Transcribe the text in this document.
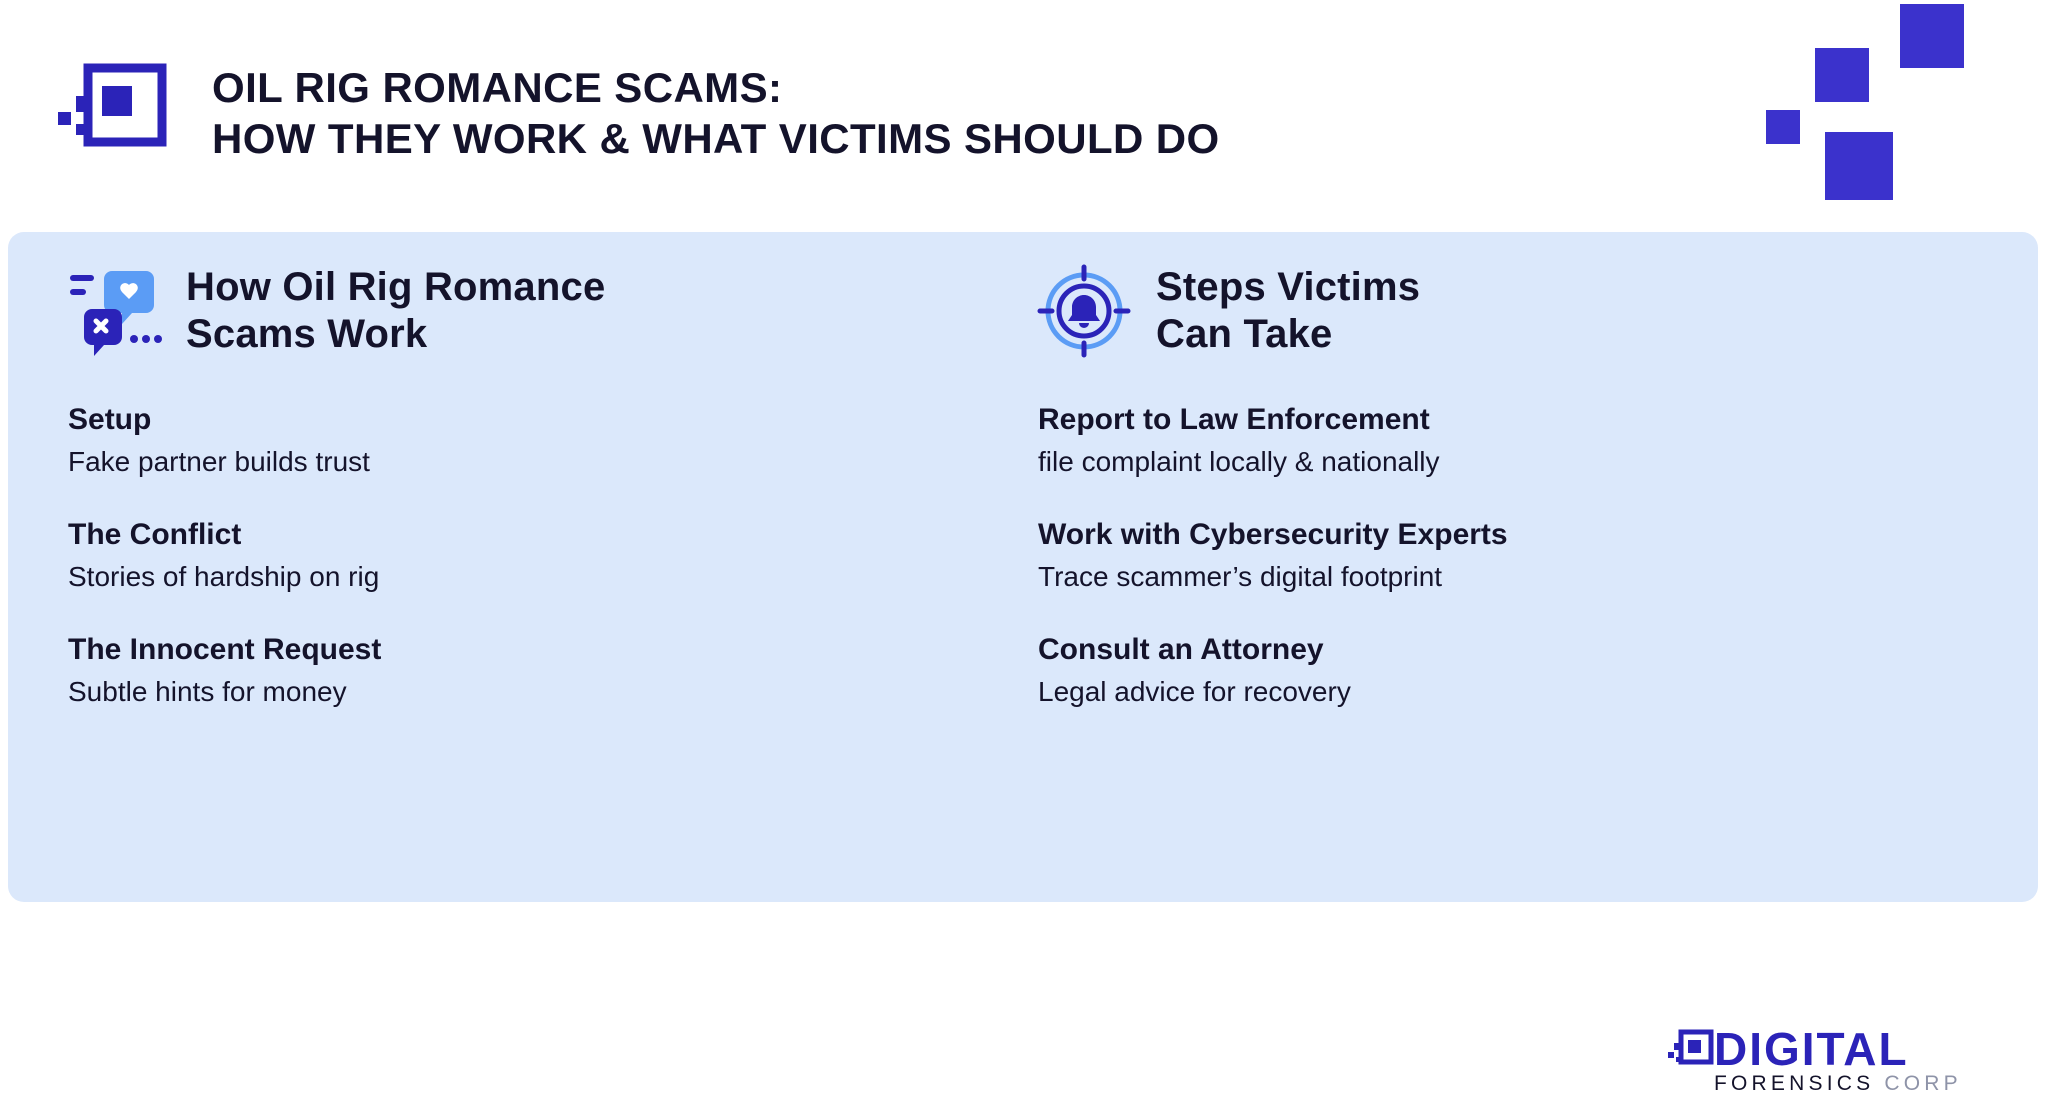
OIL RIG ROMANCE SCAMS:
HOW THEY WORK & WHAT VICTIMS SHOULD DO
How Oil Rig Romance
Scams Work
Setup
Fake partner builds trust
The Conflict
Stories of hardship on rig
The Innocent Request
Subtle hints for money
Steps Victims
Can Take
Report to Law Enforcement
file complaint locally & nationally
Work with Cybersecurity Experts
Trace scammer’s digital footprint
Consult an Attorney
Legal advice for recovery
DIGITAL
FORENSICS CORP
